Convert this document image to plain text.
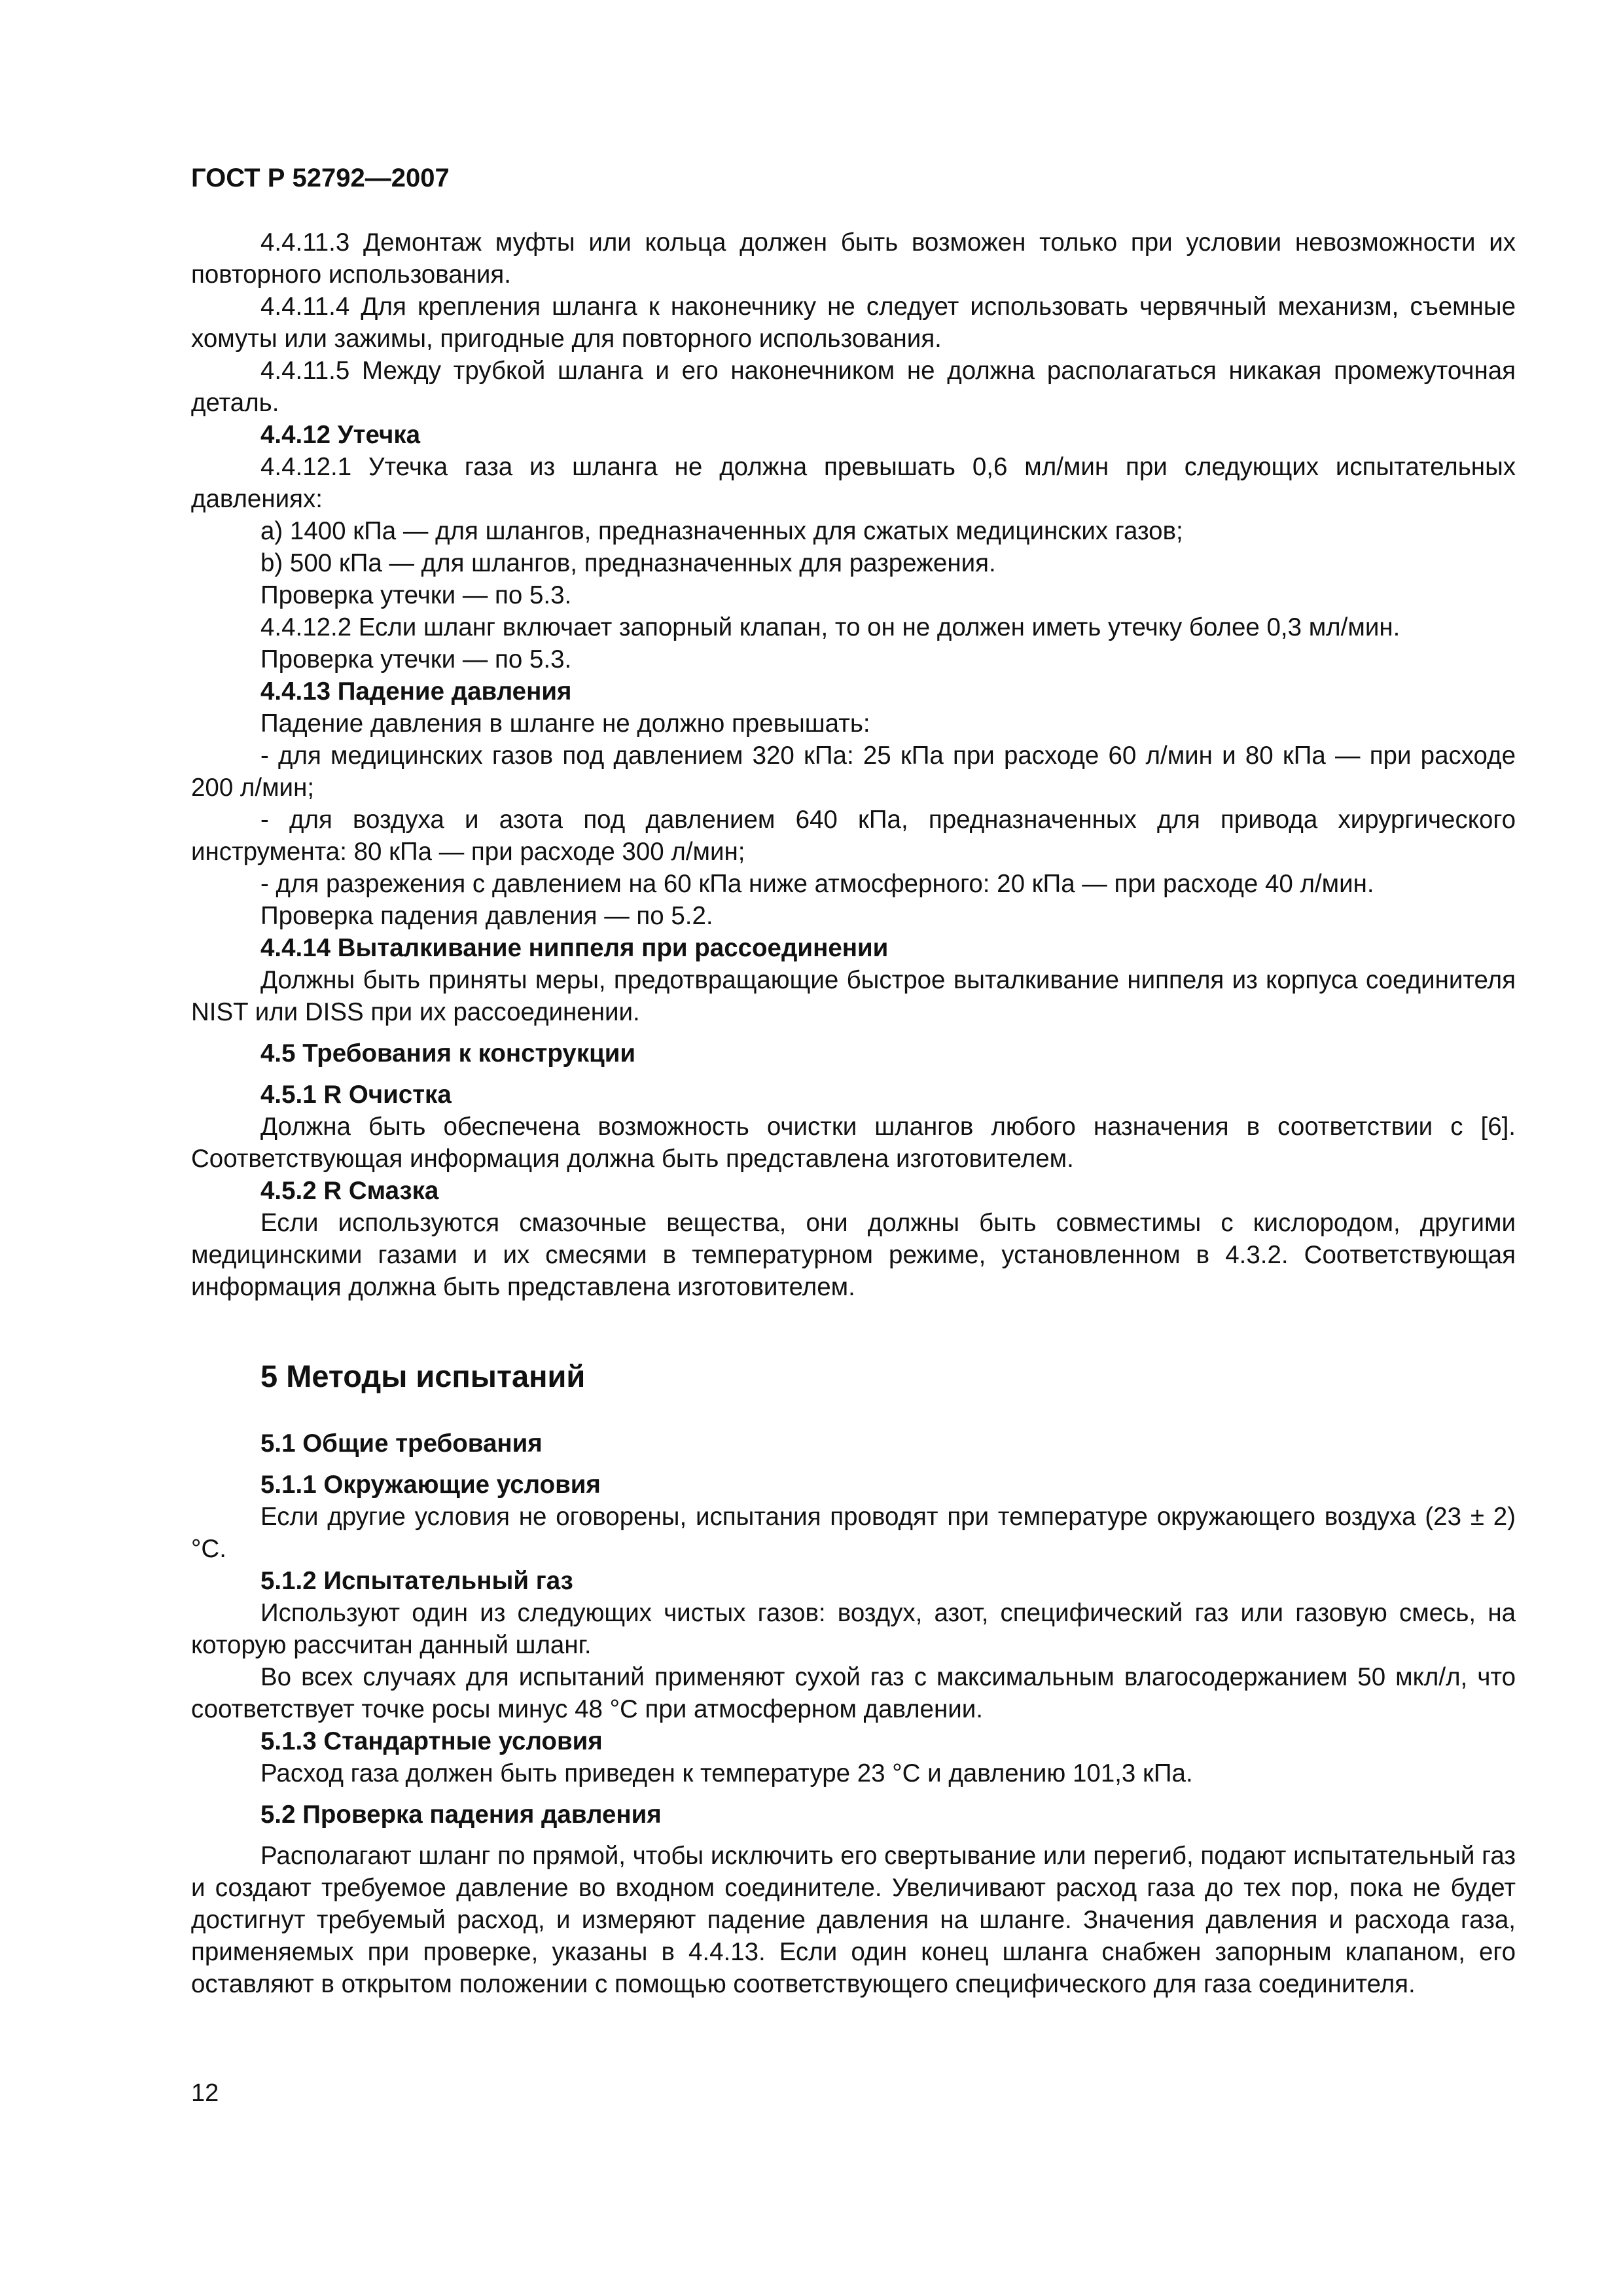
ГОСТ Р 52792—2007
4.4.11.3 Демонтаж муфты или кольца должен быть возможен только при условии невозможности их повторного использования.
4.4.11.4 Для крепления шланга к наконечнику не следует использовать червячный механизм, съемные хомуты или зажимы, пригодные для повторного использования.
4.4.11.5 Между трубкой шланга и его наконечником не должна располагаться никакая промежуточная деталь.
4.4.12 Утечка
4.4.12.1 Утечка газа из шланга не должна превышать 0,6 мл/мин при следующих испытательных давлениях:
a) 1400 кПа — для шлангов, предназначенных для сжатых медицинских газов;
b) 500 кПа — для шлангов, предназначенных для разрежения.
Проверка утечки — по 5.3.
4.4.12.2 Если шланг включает запорный клапан, то он не должен иметь утечку более 0,3 мл/мин.
Проверка утечки — по 5.3.
4.4.13 Падение давления
Падение давления в шланге не должно превышать:
- для медицинских газов под давлением 320 кПа: 25 кПа при расходе 60 л/мин и 80 кПа — при расходе 200 л/мин;
- для воздуха и азота под давлением 640 кПа, предназначенных для привода хирургического инструмента: 80 кПа — при расходе 300 л/мин;
- для разрежения с давлением на 60 кПа ниже атмосферного: 20 кПа — при расходе 40 л/мин.
Проверка падения давления — по 5.2.
4.4.14 Выталкивание ниппеля при рассоединении
Должны быть приняты меры, предотвращающие быстрое выталкивание ниппеля из корпуса соединителя NIST или DISS при их рассоединении.
4.5 Требования к конструкции
4.5.1 R Очистка
Должна быть обеспечена возможность очистки шлангов любого назначения в соответствии с [6]. Соответствующая информация должна быть представлена изготовителем.
4.5.2 R Смазка
Если используются смазочные вещества, они должны быть совместимы с кислородом, другими медицинскими газами и их смесями в температурном режиме, установленном в 4.3.2. Соответствующая информация должна быть представлена изготовителем.
5 Методы испытаний
5.1 Общие требования
5.1.1 Окружающие условия
Если другие условия не оговорены, испытания проводят при температуре окружающего воздуха (23 ± 2) °С.
5.1.2 Испытательный газ
Используют один из следующих чистых газов: воздух, азот, специфический газ или газовую смесь, на которую рассчитан данный шланг.
Во всех случаях для испытаний применяют сухой газ с максимальным влагосодержанием 50 мкл/л, что соответствует точке росы минус 48 °С при атмосферном давлении.
5.1.3 Стандартные условия
Расход газа должен быть приведен к температуре 23 °С и давлению 101,3 кПа.
5.2 Проверка падения давления
Располагают шланг по прямой, чтобы исключить его свертывание или перегиб, подают испытательный газ и создают требуемое давление во входном соединителе. Увеличивают расход газа до тех пор, пока не будет достигнут требуемый расход, и измеряют падение давления на шланге. Значения давления и расхода газа, применяемых при проверке, указаны в 4.4.13. Если один конец шланга снабжен запорным клапаном, его оставляют в открытом положении с помощью соответствующего специфического для газа соединителя.
12
